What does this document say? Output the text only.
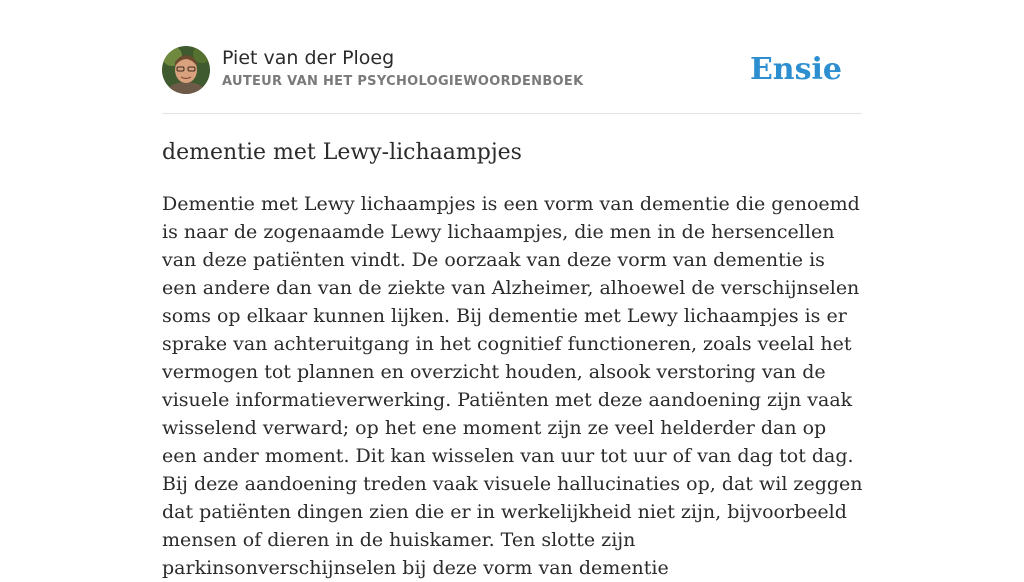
Piet van der Ploeg
AUTEUR VAN HET PSYCHOLOGIEWOORDENBOEK	Ensie
dementie met Lewy-lichaampjes

Dementie met Lewy lichaampjes is een vorm van dementie die genoemd is naar de zogenaamde Lewy lichaampjes, die men in de hersencellen van deze patiënten vindt. De oorzaak van deze vorm van dementie is een andere dan van de ziekte van Alzheimer, alhoewel de verschijnselen soms op elkaar kunnen lijken. Bij dementie met Lewy lichaampjes is er sprake van achteruitgang in het cognitief functioneren, zoals veelal het vermogen tot plannen en overzicht houden, alsook verstoring van de visuele informatieverwerking. Patiënten met deze aandoening zijn vaak wisselend verward; op het ene moment zijn ze veel helderder dan op een ander moment. Dit kan wisselen van uur tot uur of van dag tot dag. Bij deze aandoening treden vaak visuele hallucinaties op, dat wil zeggen dat patiënten dingen zien die er in werkelijkheid niet zijn, bijvoorbeeld mensen of dieren in de huiskamer. Ten slotte zijn parkinsonverschijnselen bij deze vorm van dementie
